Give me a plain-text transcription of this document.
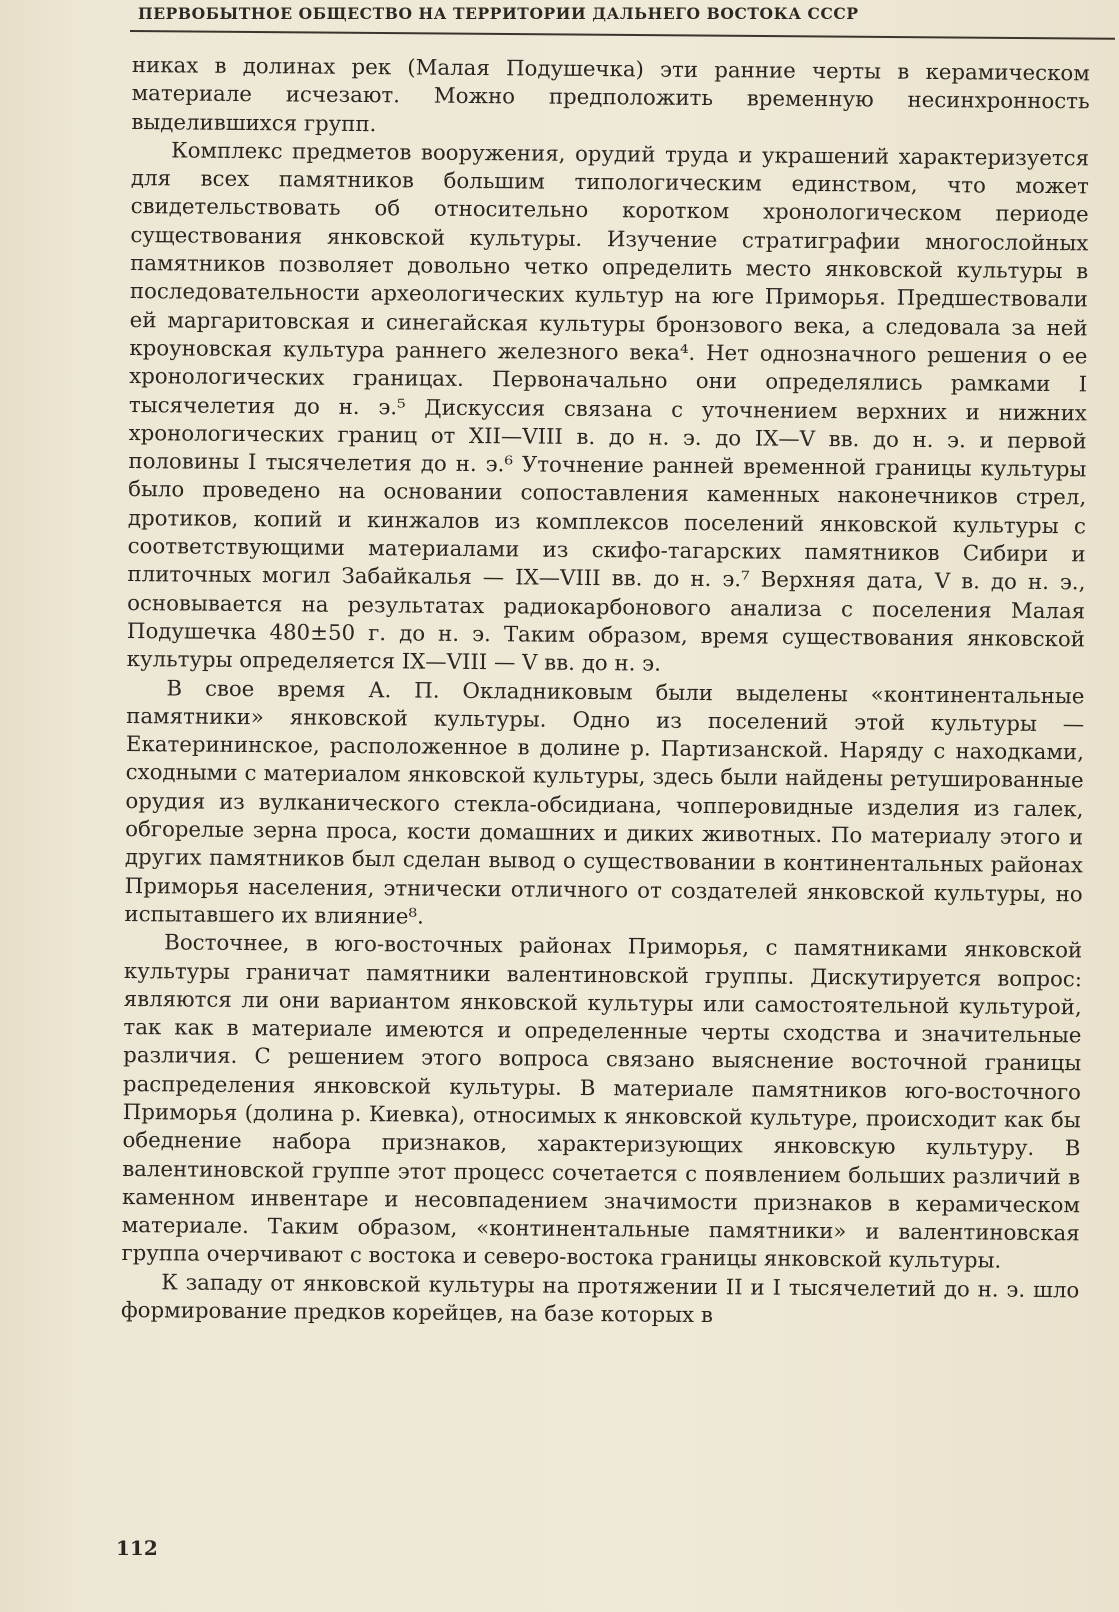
ПЕРВОБЫТНОЕ ОБЩЕСТВО НА ТЕРРИТОРИИ ДАЛЬНЕГО ВОСТОКА СССР

никах в долинах рек (Малая Подушечка) эти ранние черты в керамическом материале исчезают. Можно предположить временную несинхронность выделившихся групп.

Комплекс предметов вооружения, орудий труда и украшений характеризуется для всех памятников большим типологическим единством, что может свидетельствовать об относительно коротком хронологическом периоде существования янковской культуры. Изучение стратиграфии многослойных памятников позволяет довольно четко определить место янковской культуры в последовательности археологических культур на юге Приморья. Предшествовали ей маргаритовская и синегайская культуры бронзового века, а следовала за ней кроуновская культура раннего железного века⁴. Нет однозначного решения о ее хронологических границах. Первоначально они определялись рамками I тысячелетия до н. э.⁵ Дискуссия связана с уточнением верхних и нижних хронологических границ от XII—VIII в. до н. э. до IX—V вв. до н. э. и первой половины I тысячелетия до н. э.⁶ Уточнение ранней временной границы культуры было проведено на основании сопоставления каменных наконечников стрел, дротиков, копий и кинжалов из комплексов поселений янковской культуры с соответствующими материалами из скифо-тагарских памятников Сибири и плиточных могил Забайкалья — IX—VIII вв. до н. э.⁷ Верхняя дата, V в. до н. э., основывается на результатах радиокарбонового анализа с поселения Малая Подушечка 480±50 г. до н. э. Таким образом, время существования янковской культуры определяется IX—VIII — V вв. до н. э.

В свое время А. П. Окладниковым были выделены «континентальные памятники» янковской культуры. Одно из поселений этой культуры — Екатерининское, расположенное в долине р. Партизанской. Наряду с находками, сходными с материалом янковской культуры, здесь были найдены ретушированные орудия из вулканического стекла-обсидиана, чопперовидные изделия из галек, обгорелые зерна проса, кости домашних и диких животных. По материалу этого и других памятников был сделан вывод о существовании в континентальных районах Приморья населения, этнически отличного от создателей янковской культуры, но испытавшего их влияние⁸.

Восточнее, в юго-восточных районах Приморья, с памятниками янковской культуры граничат памятники валентиновской группы. Дискутируется вопрос: являются ли они вариантом янковской культуры или самостоятельной культурой, так как в материале имеются и определенные черты сходства и значительные различия. С решением этого вопроса связано выяснение восточной границы распределения янковской культуры. В материале памятников юго-восточного Приморья (долина р. Киевка), относимых к янковской культуре, происходит как бы обеднение набора признаков, характеризующих янковскую культуру. В валентиновской группе этот процесс сочетается с появлением больших различий в каменном инвентаре и несовпадением значимости признаков в керамическом материале. Таким образом, «континентальные памятники» и валентиновская группа очерчивают с востока и северо-востока границы янковской культуры.

К западу от янковской культуры на протяжении II и I тысячелетий до н. э. шло формирование предков корейцев, на базе которых в

112
